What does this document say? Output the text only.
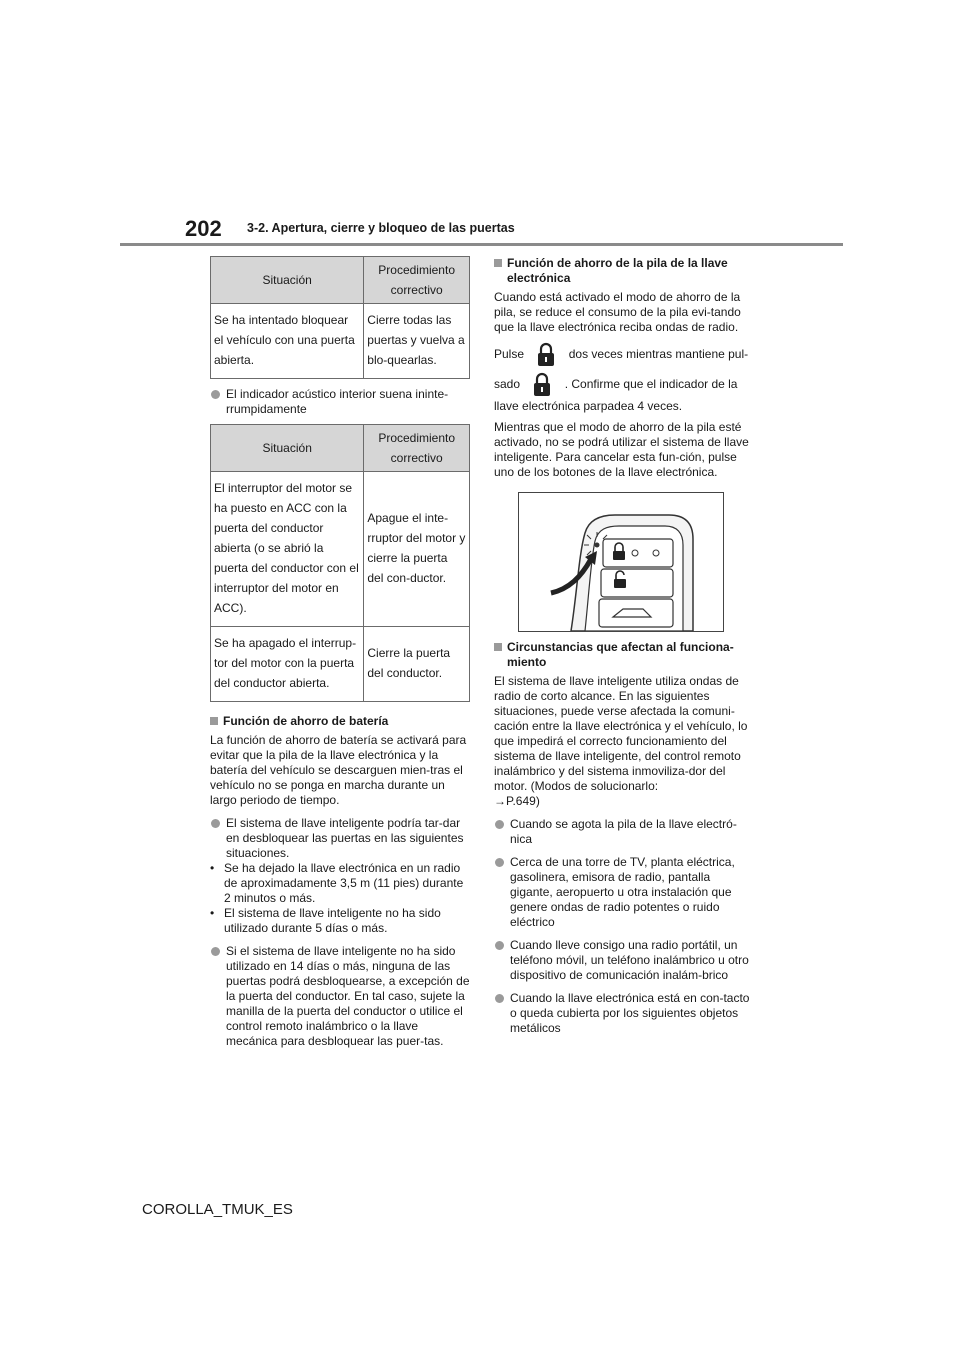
202 3-2. Apertura, cierre y bloqueo de las puertas
Situación	Procedimiento correctivo
Se ha intentado bloquear el vehículo con una puerta abierta.	Cierre todas las puertas y vuelva a blo-quearlas.
El indicador acústico interior suena ininte-rrumpidamente
Situación	Procedimiento correctivo
El interruptor del motor se ha puesto en ACC con la puerta del conductor abierta (o se abrió la puerta del conductor con el interruptor del motor en ACC).	Apague el inte-rruptor del motor y cierre la puerta del con-ductor.
Se ha apagado el interrup-tor del motor con la puerta del conductor abierta.	Cierre la puerta del conductor.
Función de ahorro de batería

La función de ahorro de batería se activará para evitar que la pila de la llave electrónica y la batería del vehículo se descarguen mien-tras el vehículo no se ponga en marcha durante un largo periodo de tiempo.

El sistema de llave inteligente podría tar-dar en desbloquear las puertas en las siguientes situaciones.
• Se ha dejado la llave electrónica en un radio de aproximadamente 3,5 m (11 pies) durante 2 minutos o más.
• El sistema de llave inteligente no ha sido utilizado durante 5 días o más.
Si el sistema de llave inteligente no ha sido utilizado en 14 días o más, ninguna de las puertas podrá desbloquearse, a excepción de la puerta del conductor. En tal caso, sujete la manilla de la puerta del conductor o utilice el control remoto inalámbrico o la llave mecánica para desbloquear las puer-tas.
Función de ahorro de la pila de la llave electrónica

Cuando está activado el modo de ahorro de la pila, se reduce el consumo de la pila evi-tando que la llave electrónica reciba ondas de radio.

Pulse	dos veces mientras mantiene pul-
sado	. Confirme que el indicador de la

llave electrónica parpadea 4 veces.

Mientras que el modo de ahorro de la pila esté activado, no se podrá utilizar el sistema de llave inteligente. Para cancelar esta fun-ción, pulse uno de los botones de la llave electrónica.

Circunstancias que afectan al funciona-miento

El sistema de llave inteligente utiliza ondas de radio de corto alcance. En las siguientes situaciones, puede verse afectada la comuni-cación entre la llave electrónica y el vehículo, lo que impedirá el correcto funcionamiento del sistema de llave inteligente, del control remoto inalámbrico y del sistema inmoviliza-dor del motor. (Modos de solucionarlo:

→P.649)

Cuando se agota la pila de la llave electró-nica
Cerca de una torre de TV, planta eléctrica, gasolinera, emisora de radio, pantalla gigante, aeropuerto u otra instalación que genere ondas de radio potentes o ruido eléctrico
Cuando lleve consigo una radio portátil, un teléfono móvil, un teléfono inalámbrico u otro dispositivo de comunicación inalám-brico
Cuando la llave electrónica está en con-tacto o queda cubierta por los siguientes objetos metálicos
COROLLA_TMUK_ES
carmanualsonline.info
